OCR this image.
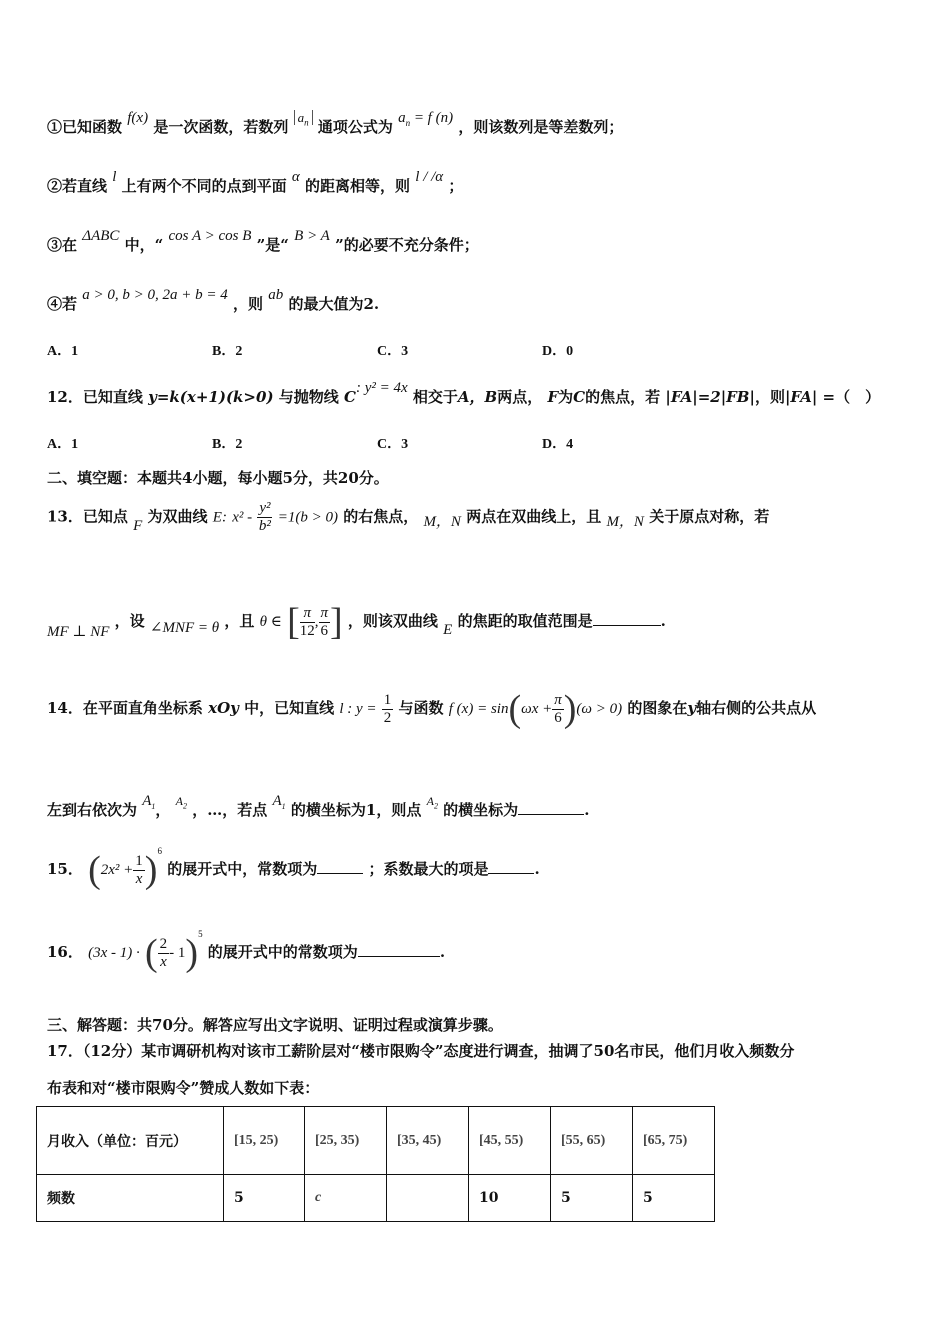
①已知函数 f(x) 是一次函数，若数列 $a_n$ 通项公式为 $a_n = f$ (n) ，则该数列是等差数列；
②若直线 l 上有两个不同的点到平面 α 的距离相等，则 l / /α ；
③在 ΔABC 中，“ cos A > cos B ”是“ B > A ”的必要不充分条件；
④若 a > 0, b > 0, 2a + b = 4 ，则 ab 的最大值为2.
A．1	B．2	C．3	D．0
12．已知直线 y=k(x+1)(k>0) 与抛物线 C: y² = 4x 相交于A，B两点， F为C的焦点，若 |FA|=2|FB|，则|FA| =（　）
A．1	B．2	C．3	D．4
二、填空题：本题共4小题，每小题5分，共20分。
13．已知点 F 为双曲线 E: $x^2 - \frac{\text{y²}}{\text{b²}} =1(b > 0)$ 的右焦点， M，N 两点在双曲线上，且 M，N 关于原点对称，若
MF ⊥ NF ，设 ∠MNF = θ ，且 θ ∈ [ $\frac{\pi}{12}$ , $\frac{\pi}{6}$ ] ，则该双曲线 E 的焦距的取值范围是	.
14．在平面直角坐标系 xOy 中，已知直线 l : $y = \frac{1}{2}$ 与函数 f $(x) = \sin(\omega x + \frac{\pi}{6} )(\omega > 0)$ 的图象在y轴右侧的公共点从
左到右依次为 $A_1$， $^{A_2}$ ，…，若点 $A_1$ 的横坐标为1，则点 $^{A_2}$ 的横坐标为	.
15． $(2x^2 + \frac{1}{x} )^6$ 的展开式中，常数项为	；系数最大的项是	.
16． (3x - 1) · ( $\frac{2}{x} - 1)^5$ 的展开式中的常数项为	.
三、解答题：共70分。解答应写出文字说明、证明过程或演算步骤。
17．（12分）某市调研机构对该市工薪阶层对“楼市限购令”态度进行调查，抽调了50名市民，他们月收入频数分
布表和对“楼市限购令”赞成人数如下表：
月收入（单位：百元）	[15, 25)	[25, 35)	[35, 45)	[45, 55)	[55, 65)	[65, 75)
频数	5	c		10	5	5
